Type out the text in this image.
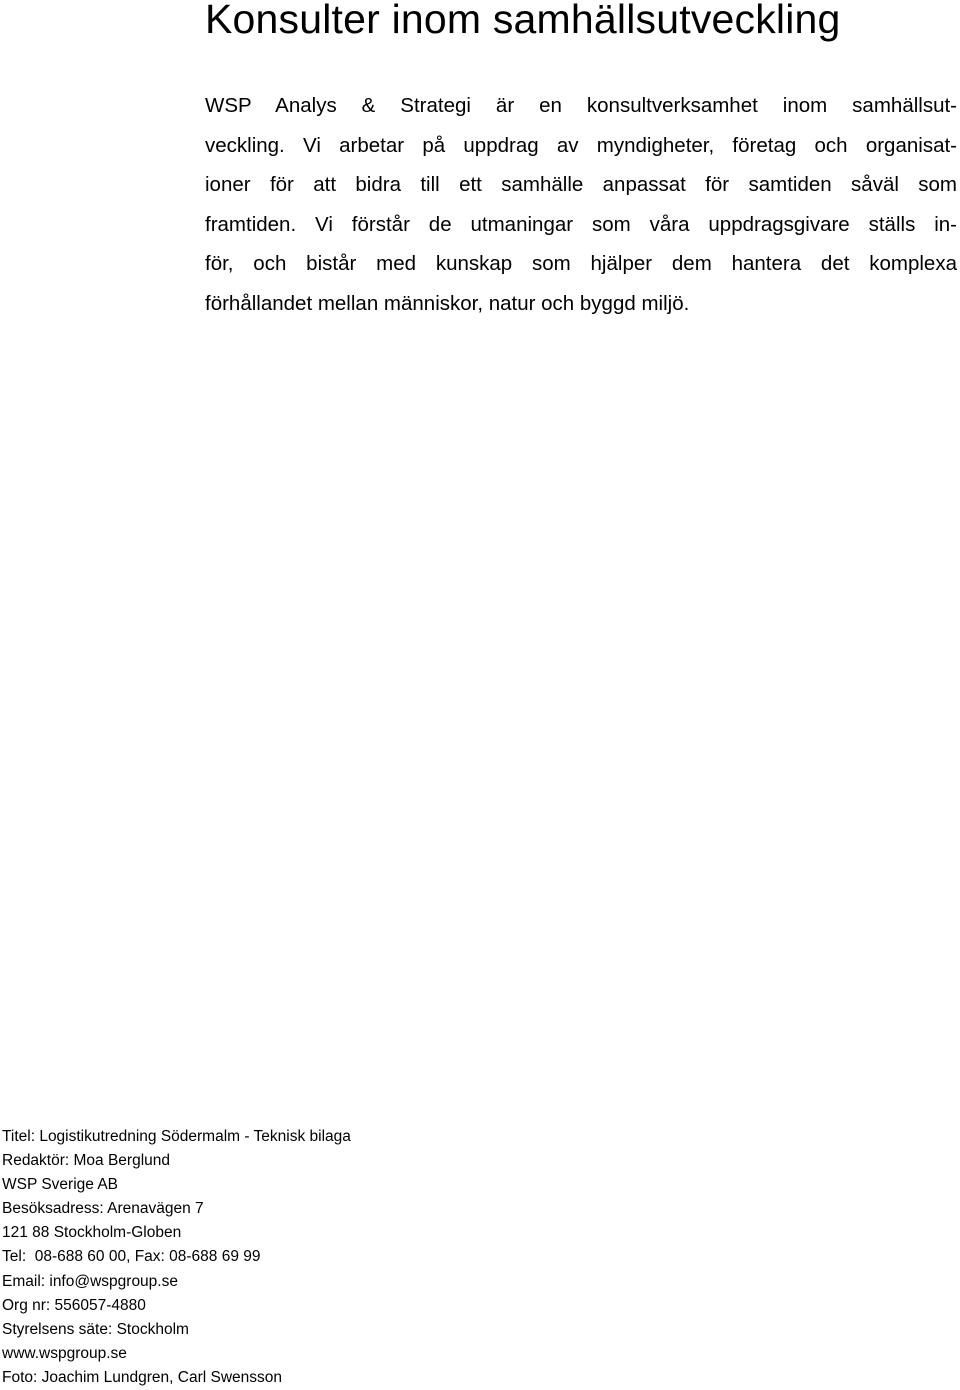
Konsulter inom samhällsutveckling
WSP Analys & Strategi är en konsultverksamhet inom samhällsut-
veckling. Vi arbetar på uppdrag av myndigheter, företag och organisat-
ioner för att bidra till ett samhälle anpassat för samtiden såväl som
framtiden. Vi förstår de utmaningar som våra uppdragsgivare ställs in-
för, och bistår med kunskap som hjälper dem hantera det komplexa
förhållandet mellan människor, natur och byggd miljö.
Titel: Logistikutredning Södermalm - Teknisk bilaga
Redaktör: Moa Berglund
WSP Sverige AB
Besöksadress: Arenavägen 7
121 88 Stockholm-Globen
Tel:  08-688 60 00, Fax: 08-688 69 99
Email: info@wspgroup.se
Org nr: 556057-4880
Styrelsens säte: Stockholm
www.wspgroup.se
Foto: Joachim Lundgren, Carl Swensson
